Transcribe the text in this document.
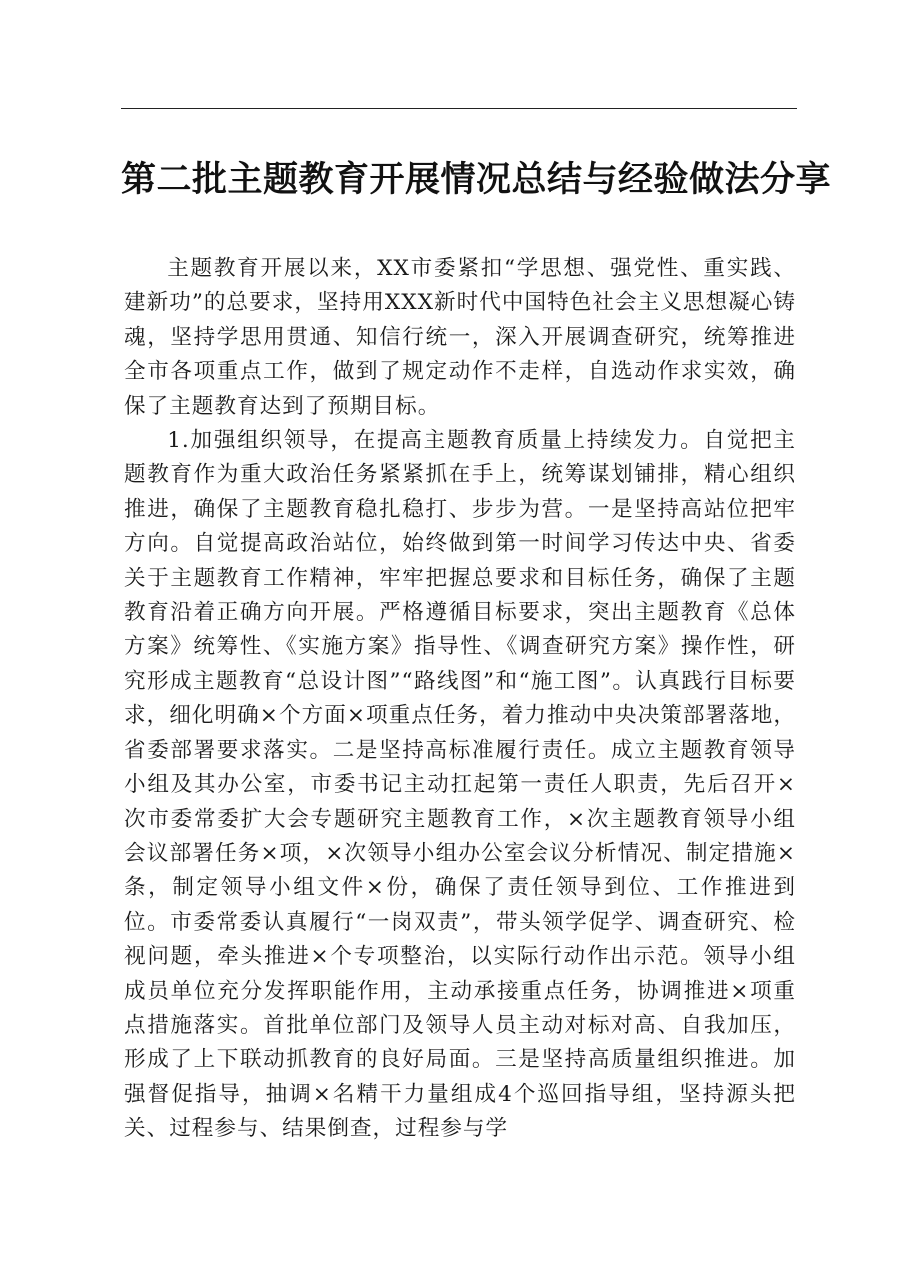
第二批主题教育开展情况总结与经验做法分享

主题教育开展以来，XX市委紧扣“学思想、强党性、重实践、建新功”的总要求，坚持用XXX新时代中国特色社会主义思想凝心铸魂，坚持学思用贯通、知信行统一，深入开展调查研究，统筹推进全市各项重点工作，做到了规定动作不走样，自选动作求实效，确保了主题教育达到了预期目标。

1.加强组织领导，在提高主题教育质量上持续发力。自觉把主题教育作为重大政治任务紧紧抓在手上，统筹谋划铺排，精心组织推进，确保了主题教育稳扎稳打、步步为营。一是坚持高站位把牢方向。自觉提高政治站位，始终做到第一时间学习传达中央、省委关于主题教育工作精神，牢牢把握总要求和目标任务，确保了主题教育沿着正确方向开展。严格遵循目标要求，突出主题教育《总体方案》统筹性、《实施方案》指导性、《调查研究方案》操作性，研究形成主题教育“总设计图”“路线图”和“施工图”。认真践行目标要求，细化明确×个方面×项重点任务，着力推动中央决策部署落地，省委部署要求落实。二是坚持高标准履行责任。成立主题教育领导小组及其办公室，市委书记主动扛起第一责任人职责，先后召开×次市委常委扩大会专题研究主题教育工作，×次主题教育领导小组会议部署任务×项，×次领导小组办公室会议分析情况、制定措施×条，制定领导小组文件×份，确保了责任领导到位、工作推进到位。市委常委认真履行“一岗双责”，带头领学促学、调查研究、检视问题，牵头推进×个专项整治，以实际行动作出示范。领导小组成员单位充分发挥职能作用，主动承接重点任务，协调推进×项重点措施落实。首批单位部门及领导人员主动对标对高、自我加压，形成了上下联动抓教育的良好局面。三是坚持高质量组织推进。加强督促指导，抽调×名精干力量组成4个巡回指导组，坚持源头把关、过程参与、结果倒查，过程参与学
